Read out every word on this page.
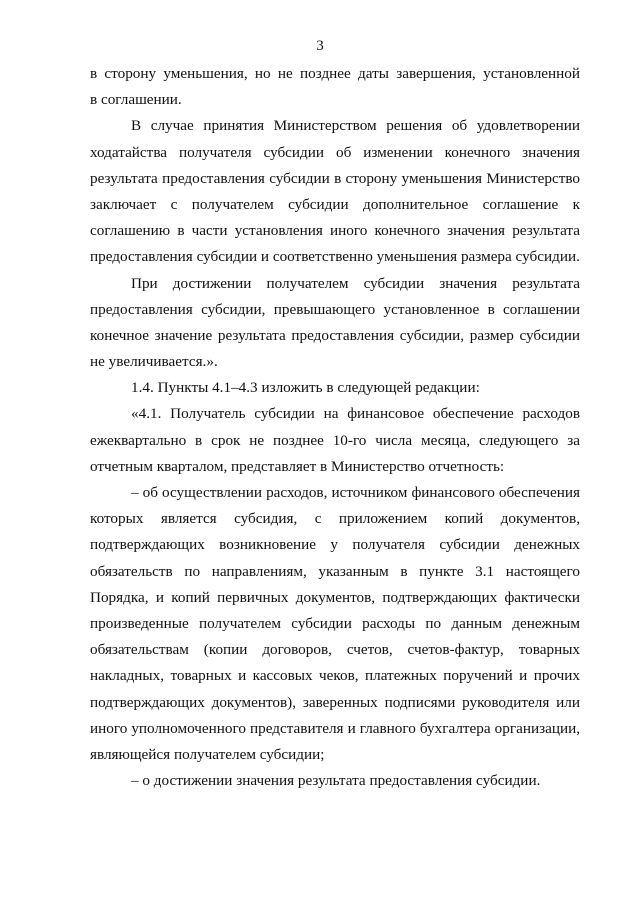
3
в сторону уменьшения, но не позднее даты завершения, установленной
в соглашении.
В случае принятия Министерством решения об удовлетворении
ходатайства получателя субсидии об изменении конечного значения
результата предоставления субсидии в сторону уменьшения Министерство
заключает с получателем субсидии дополнительное соглашение к
соглашению в части установления иного конечного значения результата
предоставления субсидии и соответственно уменьшения размера субсидии.
При достижении получателем субсидии значения результата
предоставления субсидии, превышающего установленное в соглашении
конечное значение результата предоставления субсидии, размер субсидии
не увеличивается.».
1.4. Пункты 4.1–4.3 изложить в следующей редакции:
«4.1. Получатель субсидии на финансовое обеспечение расходов
ежеквартально в срок не позднее 10-го числа месяца, следующего за
отчетным кварталом, представляет в Министерство отчетность:
– об осуществлении расходов, источником финансового обеспечения
которых является субсидия, с приложением копий документов,
подтверждающих возникновение у получателя субсидии денежных
обязательств по направлениям, указанным в пункте 3.1 настоящего
Порядка, и копий первичных документов, подтверждающих фактически
произведенные получателем субсидии расходы по данным денежным
обязательствам (копии договоров, счетов, счетов-фактур, товарных
накладных, товарных и кассовых чеков, платежных поручений и прочих
подтверждающих документов), заверенных подписями руководителя или
иного уполномоченного представителя и главного бухгалтера организации,
являющейся получателем субсидии;
– о достижении значения результата предоставления субсидии.
